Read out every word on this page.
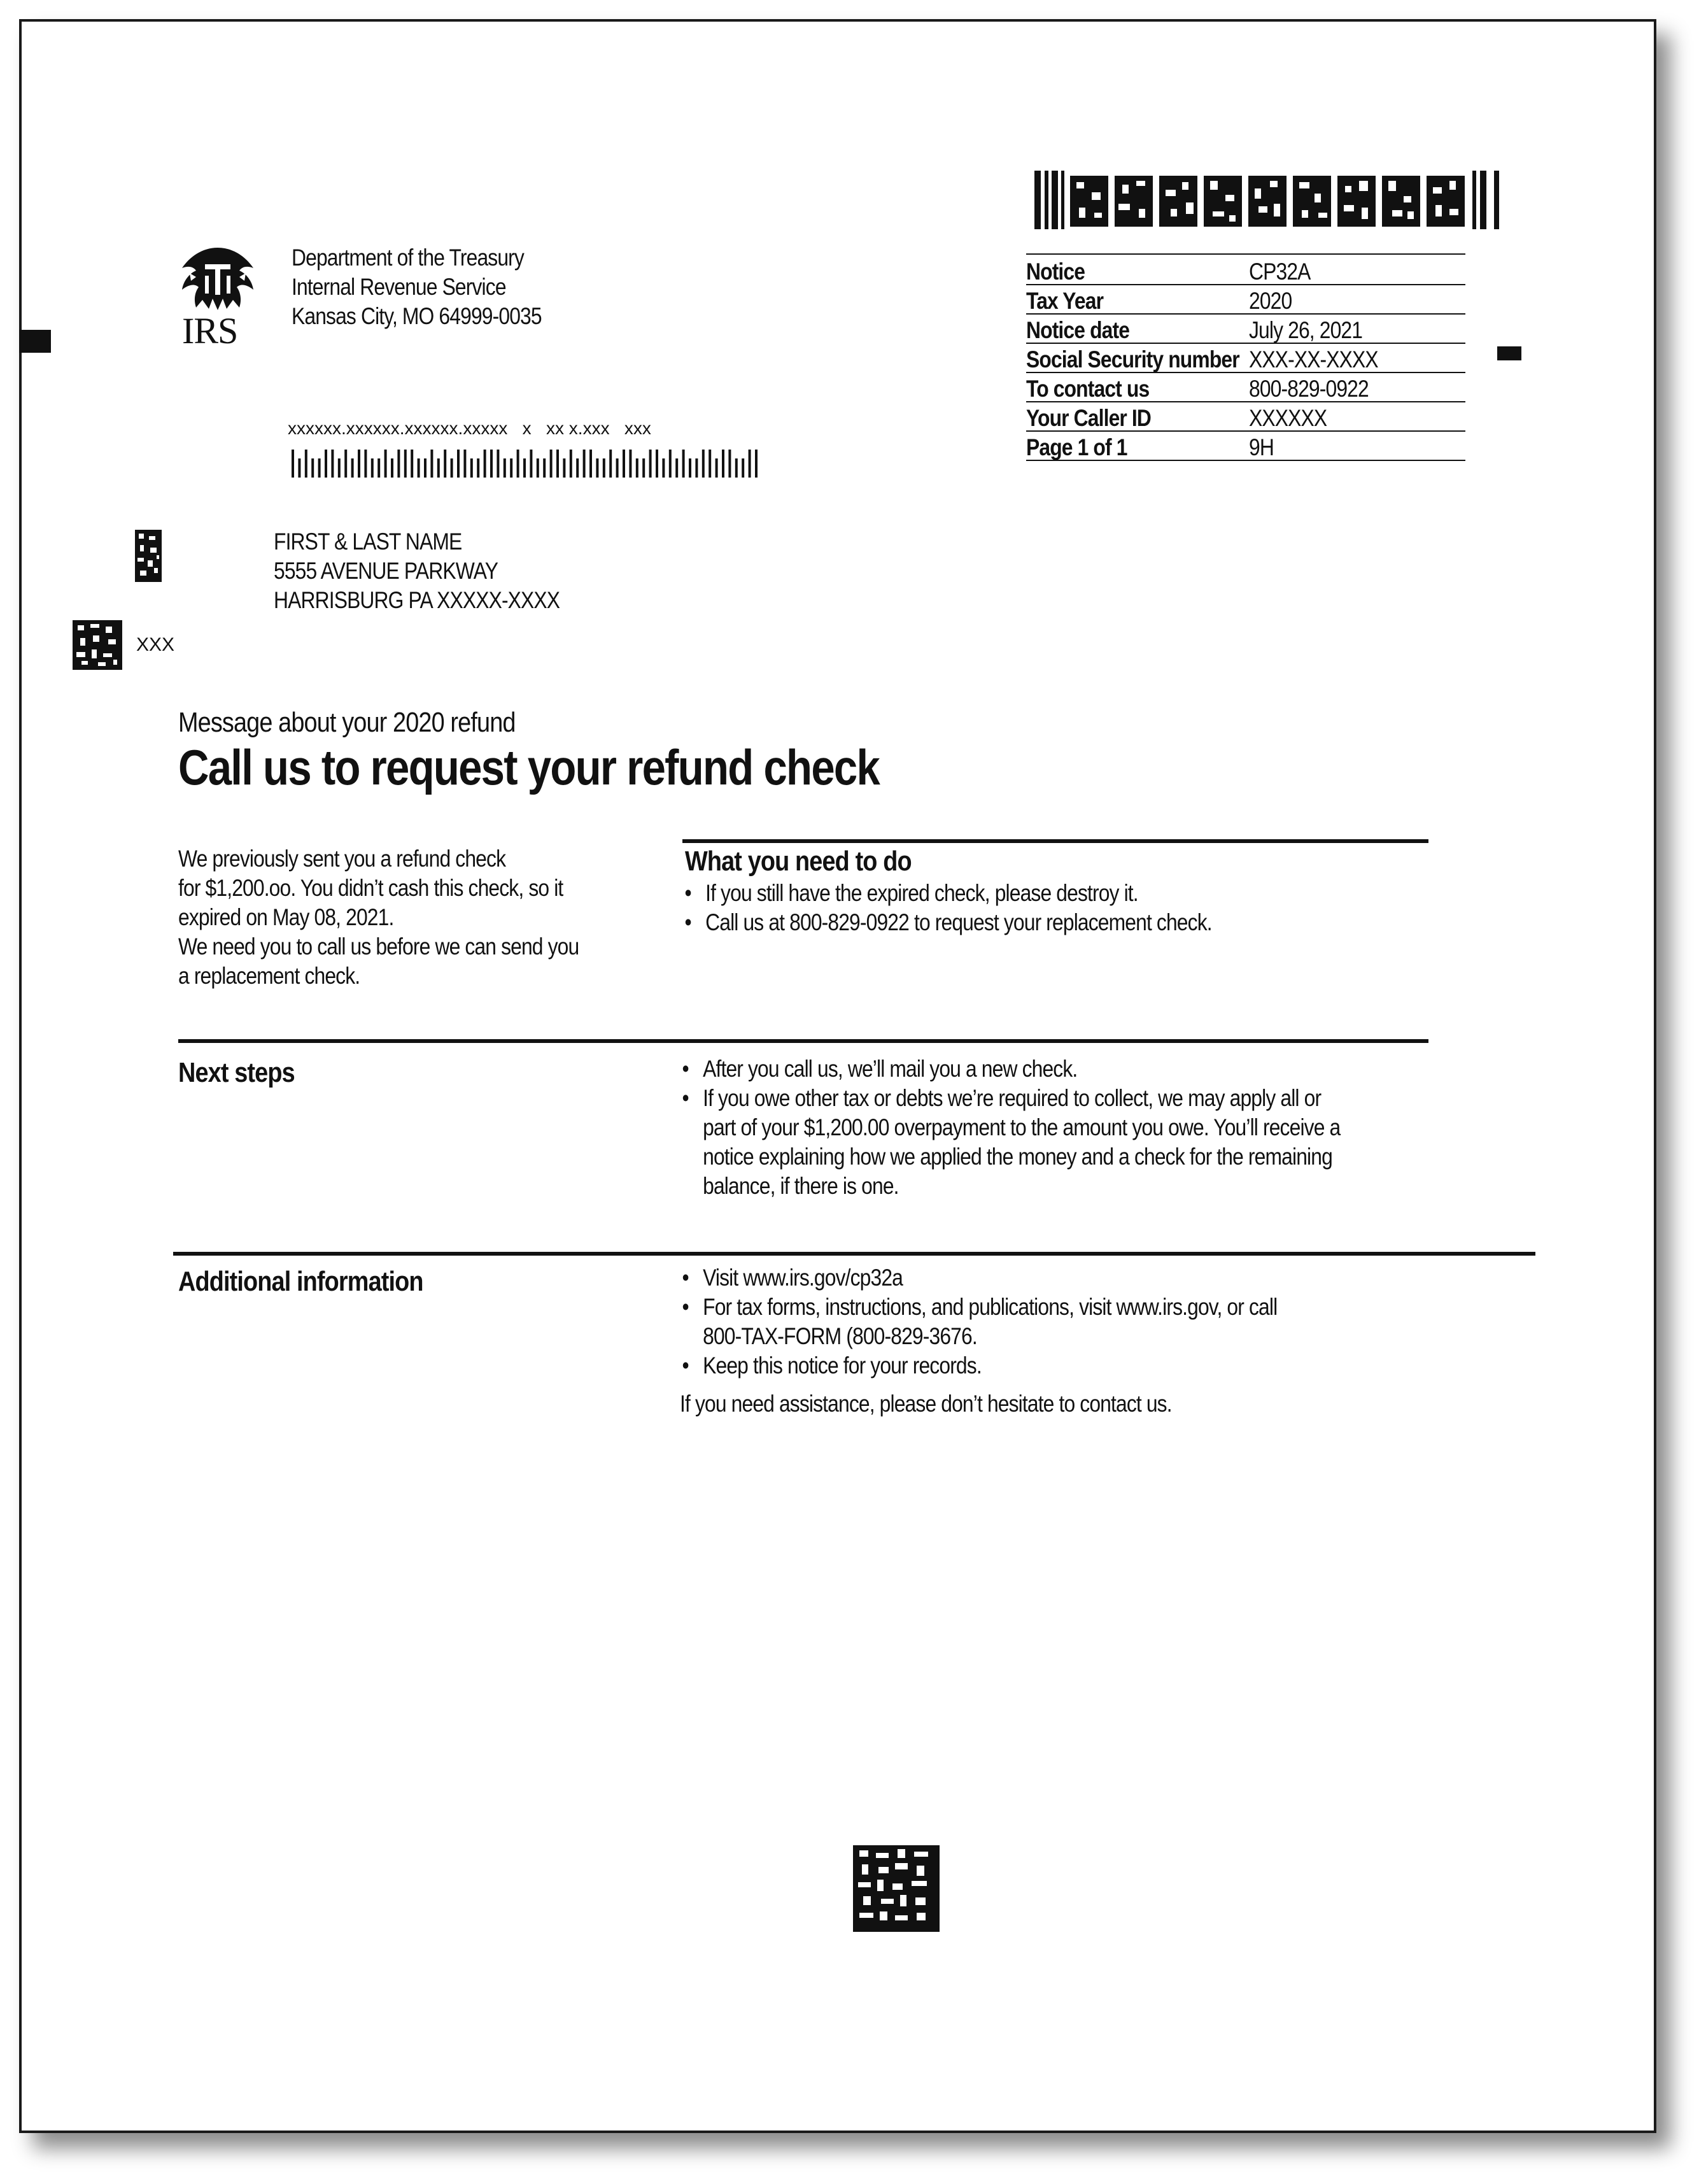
IRS
Department of the Treasury
Internal Revenue Service
Kansas City, MO 64999-0035
Notice	CP32A
Tax Year	2020
Notice date	July 26, 2021
Social Security number XXX-XX-XXXX
To contact us	800-829-0922
Your Caller ID	XXXXXX
Page 1 of 1	9H
xxxxxx.xxxxxx.xxxxxx.xxxxx   x   xx x.xxx   xxx
FIRST & LAST NAME
5555 AVENUE PARKWAY
HARRISBURG PA XXXXX-XXXX
XXX
Message about your 2020 refund
Call us to request your refund check
We previously sent you a refund check
for $1,200.oo. You didn’t cash this check, so it
expired on May 08, 2021.
We need you to call us before we can send you
a replacement check.
What you need to do
• If you still have the expired check, please destroy it.
• Call us at 800-829-0922 to request your replacement check.
Next steps	• After you call us, we’ll mail you a new check.
• If you owe other tax or debts we’re required to collect, we may apply all or part of your $1,200.00 overpayment to the amount you owe. You’ll receive a notice explaining how we applied the money and a check for the remaining balance, if there is one.
Additional information	• Visit www.irs.gov/cp32a
• For tax forms, instructions, and publications, visit www.irs.gov, or call 800-TAX-FORM (800-829-3676.
• Keep this notice for your records.
If you need assistance, please don’t hesitate to contact us.
